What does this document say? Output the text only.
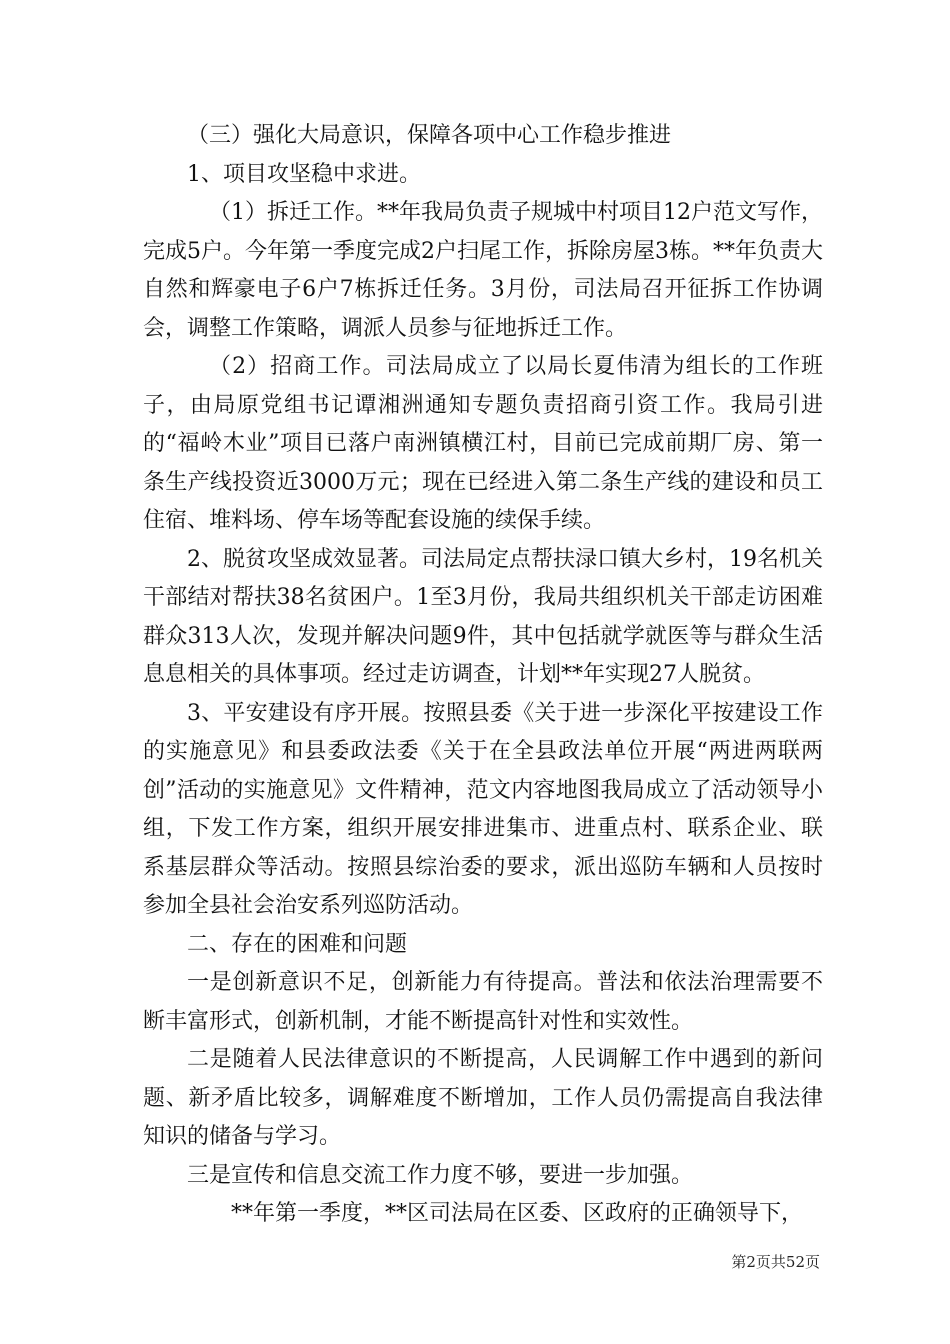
（三）强化大局意识，保障各项中心工作稳步推进

1、项目攻坚稳中求进。

（1）拆迁工作。**年我局负责子规城中村项目12户范文写作，完成5户。今年第一季度完成2户扫尾工作，拆除房屋3栋。**年负责大自然和辉豪电子6户7栋拆迁任务。3月份，司法局召开征拆工作协调会，调整工作策略，调派人员参与征地拆迁工作。

（2）招商工作。司法局成立了以局长夏伟清为组长的工作班子，由局原党组书记谭湘洲通知专题负责招商引资工作。我局引进的“福岭木业”项目已落户南洲镇横江村，目前已完成前期厂房、第一条生产线投资近3000万元；现在已经进入第二条生产线的建设和员工住宿、堆料场、停车场等配套设施的续保手续。

2、脱贫攻坚成效显著。司法局定点帮扶渌口镇大乡村，19名机关干部结对帮扶38名贫困户。1至3月份，我局共组织机关干部走访困难群众313人次，发现并解决问题9件，其中包括就学就医等与群众生活息息相关的具体事项。经过走访调查，计划**年实现27人脱贫。

3、平安建设有序开展。按照县委《关于进一步深化平按建设工作的实施意见》和县委政法委《关于在全县政法单位开展“两进两联两创”活动的实施意见》文件精神，范文内容地图我局成立了活动领导小组，下发工作方案，组织开展安排进集市、进重点村、联系企业、联系基层群众等活动。按照县综治委的要求，派出巡防车辆和人员按时参加全县社会治安系列巡防活动。

二、存在的困难和问题

一是创新意识不足，创新能力有待提高。普法和依法治理需要不断丰富形式，创新机制，才能不断提高针对性和实效性。

二是随着人民法律意识的不断提高，人民调解工作中遇到的新问题、新矛盾比较多，调解难度不断增加，工作人员仍需提高自我法律知识的储备与学习。

三是宣传和信息交流工作力度不够，要进一步加强。

**年第一季度，**区司法局在区委、区政府的正确领导下，

第2页共52页
